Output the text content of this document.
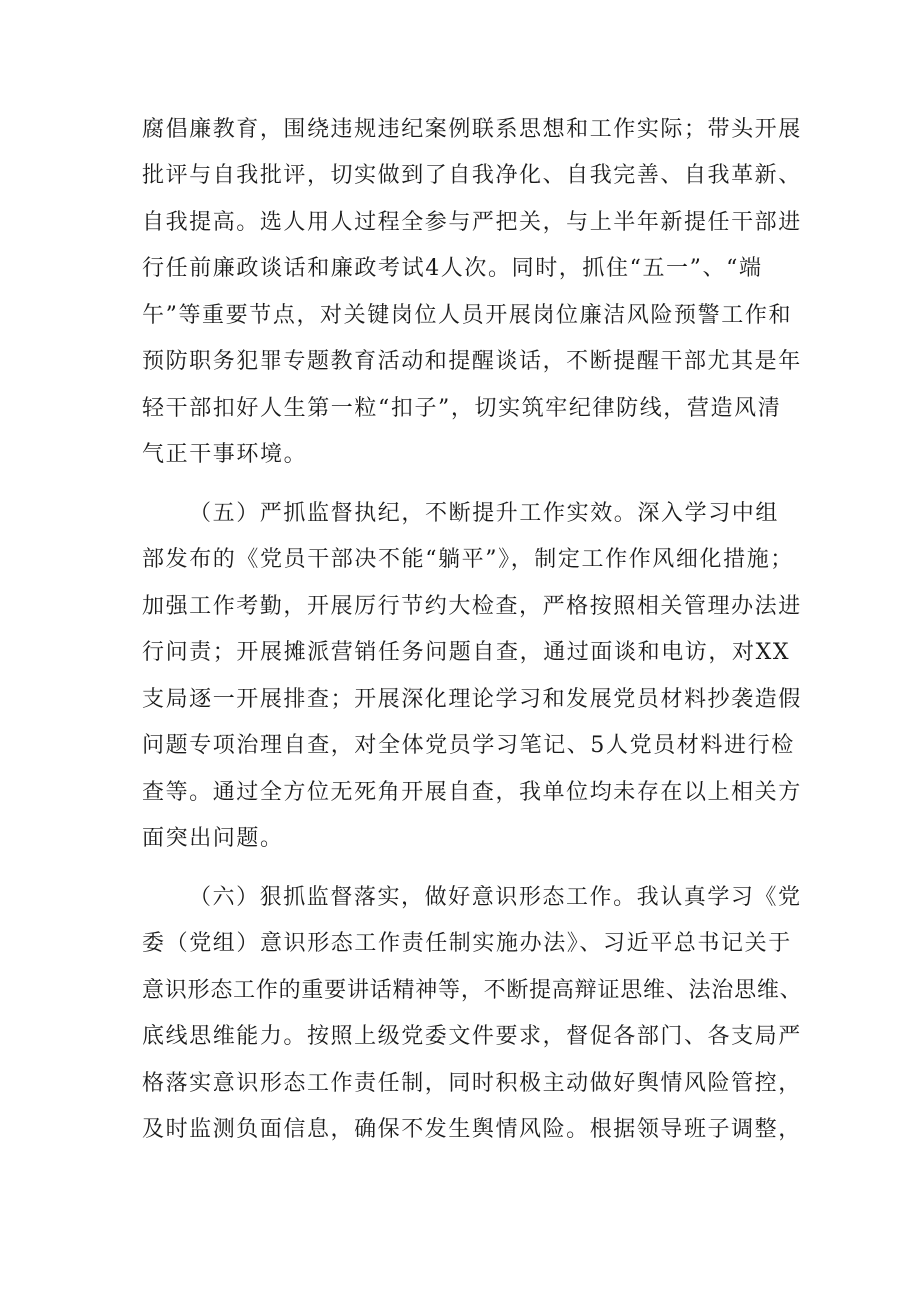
腐倡廉教育，围绕违规违纪案例联系思想和工作实际；带头开展
批评与自我批评，切实做到了自我净化、自我完善、自我革新、
自我提高。选人用人过程全参与严把关，与上半年新提任干部进
行任前廉政谈话和廉政考试4人次。同时，抓住“五一”、“端
午”等重要节点，对关键岗位人员开展岗位廉洁风险预警工作和
预防职务犯罪专题教育活动和提醒谈话，不断提醒干部尤其是年
轻干部扣好人生第一粒“扣子”，切实筑牢纪律防线，营造风清
气正干事环境。
（五）严抓监督执纪，不断提升工作实效。深入学习中组
部发布的《党员干部决不能“躺平”》，制定工作作风细化措施；
加强工作考勤，开展厉行节约大检查，严格按照相关管理办法进
行问责；开展摊派营销任务问题自查，通过面谈和电访，对XX
支局逐一开展排查；开展深化理论学习和发展党员材料抄袭造假
问题专项治理自查，对全体党员学习笔记、5人党员材料进行检
查等。通过全方位无死角开展自查，我单位均未存在以上相关方
面突出问题。
（六）狠抓监督落实，做好意识形态工作。我认真学习《党
委（党组）意识形态工作责任制实施办法》、习近平总书记关于
意识形态工作的重要讲话精神等，不断提高辩证思维、法治思维、
底线思维能力。按照上级党委文件要求，督促各部门、各支局严
格落实意识形态工作责任制，同时积极主动做好舆情风险管控，
及时监测负面信息，确保不发生舆情风险。根据领导班子调整，
